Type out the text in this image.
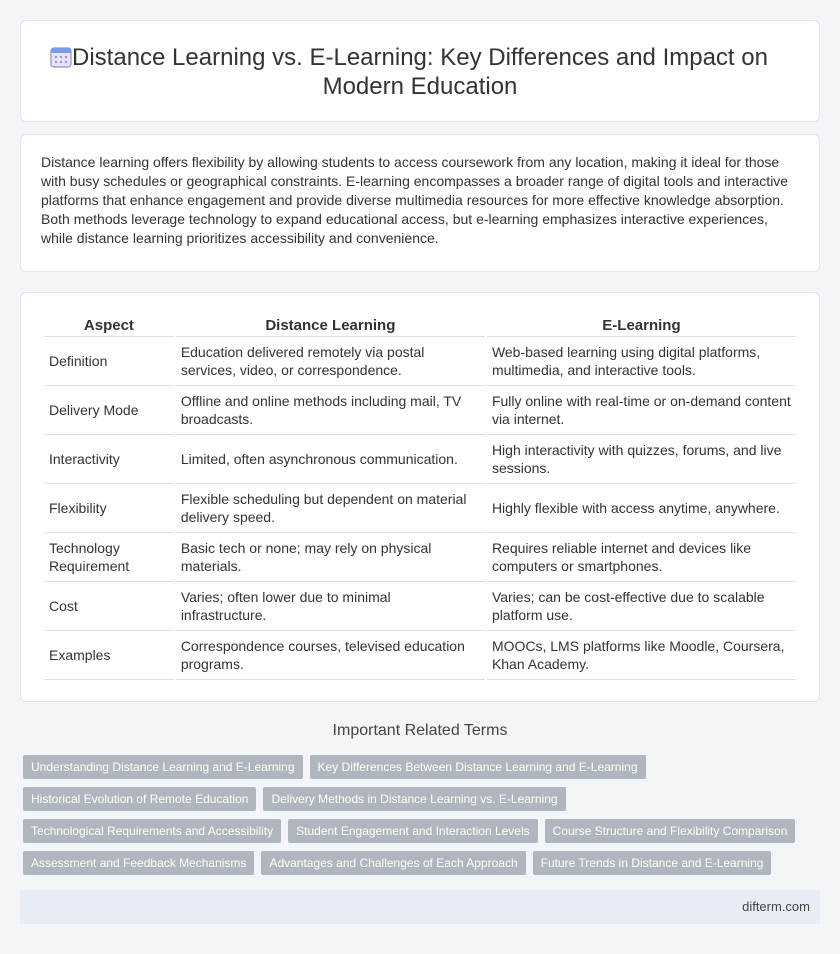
Distance Learning vs. E-Learning: Key Differences and Impact on Modern Education

Distance learning offers flexibility by allowing students to access coursework from any location, making it ideal for those with busy schedules or geographical constraints. E-learning encompasses a broader range of digital tools and interactive platforms that enhance engagement and provide diverse multimedia resources for more effective knowledge absorption. Both methods leverage technology to expand educational access, but e-learning emphasizes interactive experiences, while distance learning prioritizes accessibility and convenience.

Aspect	Distance Learning	E-Learning
Definition	Education delivered remotely via postal services, video, or correspondence.	Web-based learning using digital platforms, multimedia, and interactive tools.
Delivery Mode	Offline and online methods including mail, TV broadcasts.	Fully online with real-time or on-demand content via internet.
Interactivity	Limited, often asynchronous communication.	High interactivity with quizzes, forums, and live sessions.
Flexibility	Flexible scheduling but dependent on material delivery speed.	Highly flexible with access anytime, anywhere.
Technology Requirement	Basic tech or none; may rely on physical materials.	Requires reliable internet and devices like computers or smartphones.
Cost	Varies; often lower due to minimal infrastructure.	Varies; can be cost-effective due to scalable platform use.
Examples	Correspondence courses, televised education programs.	MOOCs, LMS platforms like Moodle, Coursera, Khan Academy.
Important Related Terms
Understanding Distance Learning and E-Learning	Key Differences Between Distance Learning and E-Learning
Historical Evolution of Remote Education	Delivery Methods in Distance Learning vs. E-Learning
Technological Requirements and Accessibility	Student Engagement and Interaction Levels	Course Structure and Flexibility Comparison
Assessment and Feedback Mechanisms	Advantages and Challenges of Each Approach	Future Trends in Distance and E-Learning
difterm.com
